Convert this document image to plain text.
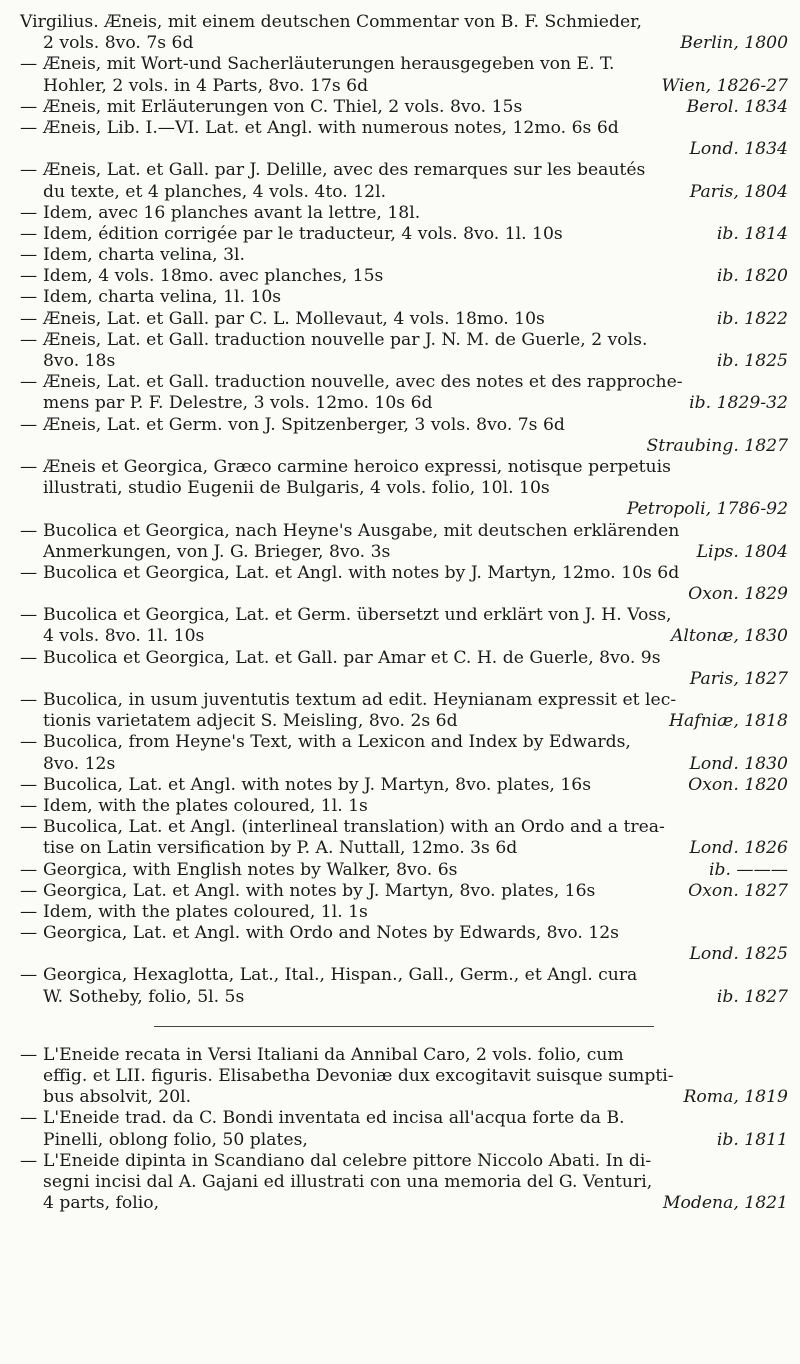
Virgilius. Æneis, mit einem deutschen Commentar von B. F. Schmieder,
2 vols. 8vo. 7s 6d	Berlin, 1800
— Æneis, mit Wort-und Sacherläuterungen herausgegeben von E. T.
Hohler, 2 vols. in 4 Parts, 8vo. 17s 6d	Wien, 1826-27
— Æneis, mit Erläuterungen von C. Thiel, 2 vols. 8vo. 15s	Berol. 1834
— Æneis, Lib. I.—VI. Lat. et Angl. with numerous notes, 12mo. 6s 6d
Lond. 1834
— Æneis, Lat. et Gall. par J. Delille, avec des remarques sur les beautés
du texte, et 4 planches, 4 vols. 4to. 12l.	Paris, 1804
— Idem, avec 16 planches avant la lettre, 18l.
— Idem, édition corrigée par le traducteur, 4 vols. 8vo. 1l. 10s	ib. 1814
— Idem, charta velina, 3l.
— Idem, 4 vols. 18mo. avec planches, 15s	ib. 1820
— Idem, charta velina, 1l. 10s
— Æneis, Lat. et Gall. par C. L. Mollevaut, 4 vols. 18mo. 10s	ib. 1822
— Æneis, Lat. et Gall. traduction nouvelle par J. N. M. de Guerle, 2 vols.
8vo. 18s	ib. 1825
— Æneis, Lat. et Gall. traduction nouvelle, avec des notes et des rapproche-
mens par P. F. Delestre, 3 vols. 12mo. 10s 6d	ib. 1829-32
— Æneis, Lat. et Germ. von J. Spitzenberger, 3 vols. 8vo. 7s 6d
Straubing. 1827
— Æneis et Georgica, Græco carmine heroico expressi, notisque perpetuis
illustrati, studio Eugenii de Bulgaris, 4 vols. folio, 10l. 10s
Petropoli, 1786-92
— Bucolica et Georgica, nach Heyne's Ausgabe, mit deutschen erklärenden
Anmerkungen, von J. G. Brieger, 8vo. 3s	Lips. 1804
— Bucolica et Georgica, Lat. et Angl. with notes by J. Martyn, 12mo. 10s 6d
Oxon. 1829
— Bucolica et Georgica, Lat. et Germ. übersetzt und erklärt von J. H. Voss,
4 vols. 8vo. 1l. 10s	Altonæ, 1830
— Bucolica et Georgica, Lat. et Gall. par Amar et C. H. de Guerle, 8vo. 9s
Paris, 1827
— Bucolica, in usum juventutis textum ad edit. Heynianam expressit et lec-
tionis varietatem adjecit S. Meisling, 8vo. 2s 6d	Hafniæ, 1818
— Bucolica, from Heyne's Text, with a Lexicon and Index by Edwards,
8vo. 12s	Lond. 1830
— Bucolica, Lat. et Angl. with notes by J. Martyn, 8vo. plates, 16s	Oxon. 1820
— Idem, with the plates coloured, 1l. 1s
— Bucolica, Lat. et Angl. (interlineal translation) with an Ordo and a trea-
tise on Latin versification by P. A. Nuttall, 12mo. 3s 6d	Lond. 1826
— Georgica, with English notes by Walker, 8vo. 6s	ib. ———
— Georgica, Lat. et Angl. with notes by J. Martyn, 8vo. plates, 16s	Oxon. 1827
— Idem, with the plates coloured, 1l. 1s
— Georgica, Lat. et Angl. with Ordo and Notes by Edwards, 8vo. 12s
Lond. 1825
— Georgica, Hexaglotta, Lat., Ital., Hispan., Gall., Germ., et Angl. cura
W. Sotheby, folio, 5l. 5s	ib. 1827
— L'Eneide recata in Versi Italiani da Annibal Caro, 2 vols. folio, cum
effig. et LII. figuris. Elisabetha Devoniæ dux excogitavit suisque sumpti-
bus absolvit, 20l.	Roma, 1819
— L'Eneide trad. da C. Bondi inventata ed incisa all'acqua forte da B.
Pinelli, oblong folio, 50 plates,	ib. 1811
— L'Eneide dipinta in Scandiano dal celebre pittore Niccolo Abati. In di-
segni incisi dal A. Gajani ed illustrati con una memoria del G. Venturi,
4 parts, folio,	Modena, 1821
